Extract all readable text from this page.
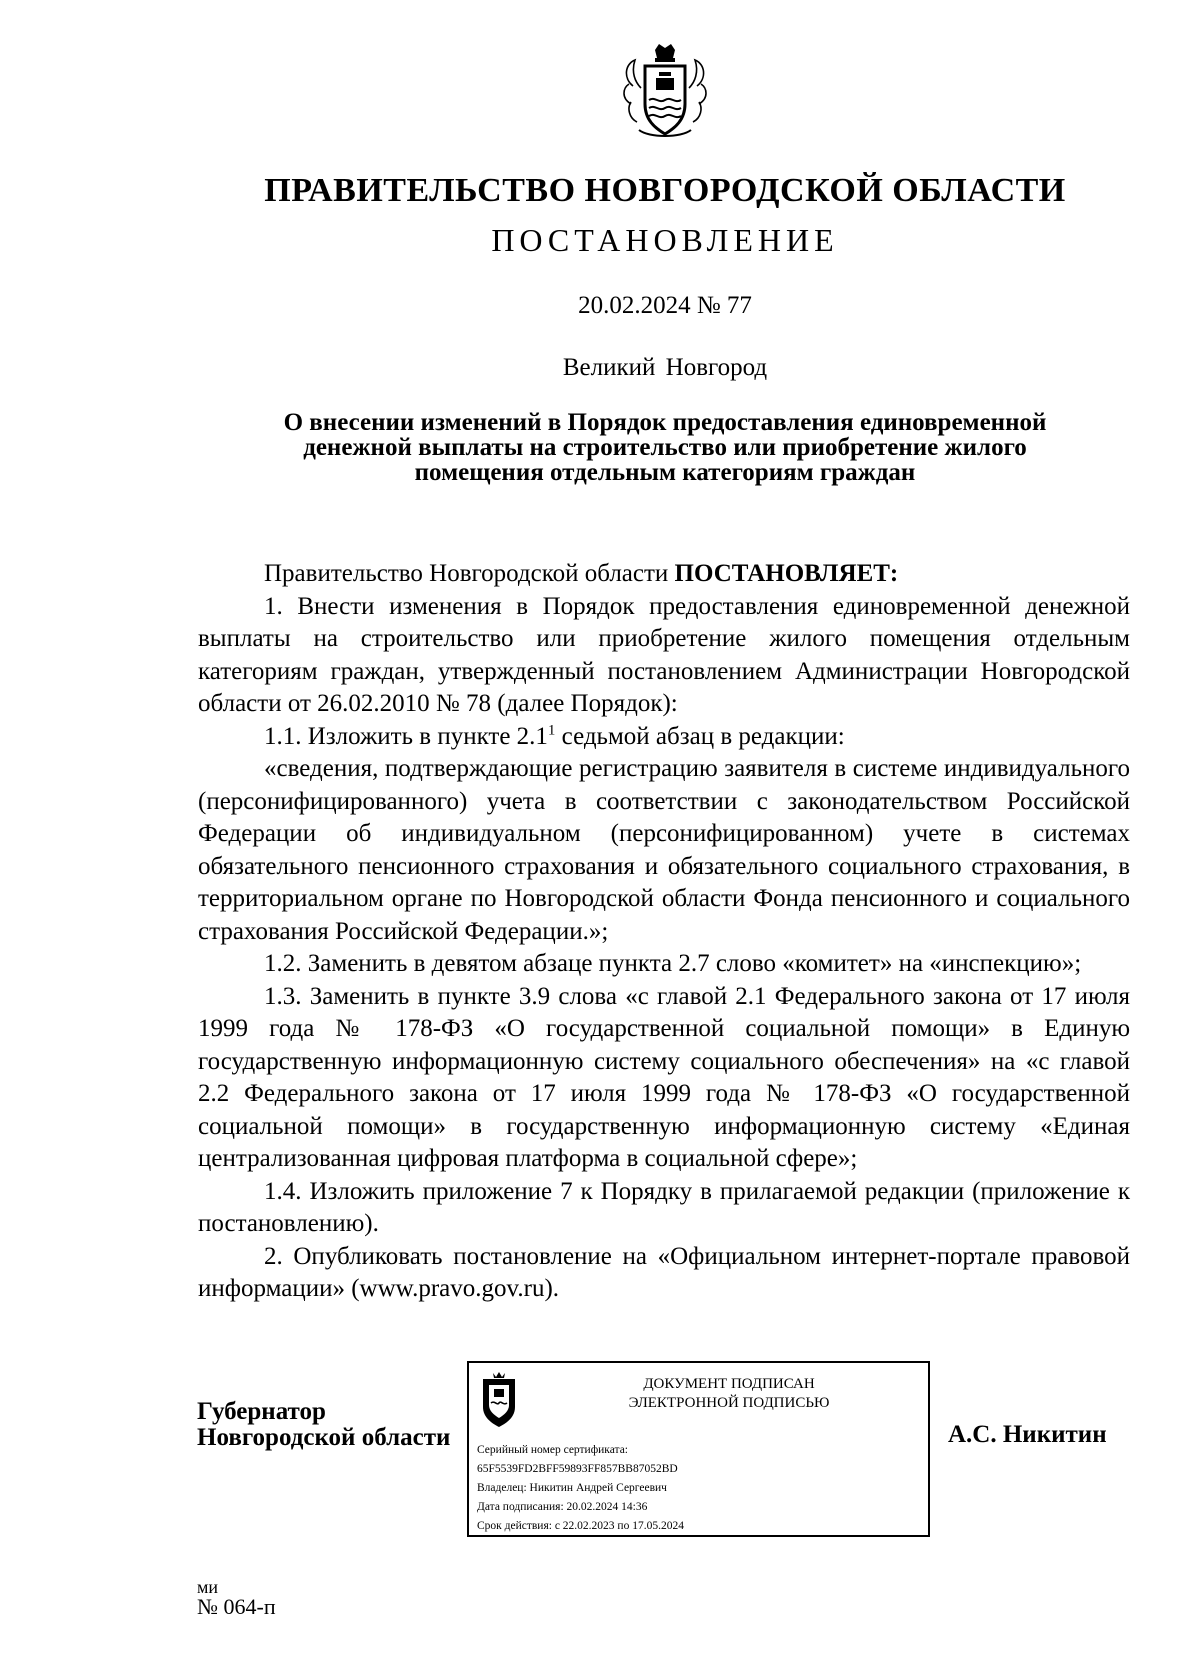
ПРАВИТЕЛЬСТВО НОВГОРОДСКОЙ ОБЛАСТИ
ПОСТАНОВЛЕНИЕ
20.02.2024 № 77
Великий Новгород
О внесении изменений в Порядок предоставления единовременной
денежной выплаты на строительство или приобретение жилого
помещения отдельным категориям граждан

Правительство Новгородской области ПОСТАНОВЛЯЕТ:

1. Внести изменения в Порядок предоставления единовременной денежной выплаты на строительство или приобретение жилого помещения отдельным категориям граждан, утвержденный постановлением Администрации Новгородской области от 26.02.2010 № 78 (далее Порядок):

1.1. Изложить в пункте $2.1^1$ седьмой абзац в редакции:

«сведения, подтверждающие регистрацию заявителя в системе индивидуального (персонифицированного) учета в соответствии с законодательством Российской Федерации об индивидуальном (персонифицированном) учете в системах обязательного пенсионного страхования и обязательного социального страхования, в территориальном органе по Новгородской области Фонда пенсионного и социального страхования Российской Федерации.»;

1.2. Заменить в девятом абзаце пункта 2.7 слово «комитет» на «инспекцию»;

1.3. Заменить в пункте 3.9 слова «с главой 2.1 Федерального закона от 17 июля 1999 года № 178-ФЗ «О государственной социальной помощи» в Единую государственную информационную систему социального обеспечения» на «с главой 2.2 Федерального закона от 17 июля 1999 года № 178-ФЗ «О государственной социальной помощи» в государственную информационную систему «Единая централизованная цифровая платформа в социальной сфере»;

1.4. Изложить приложение 7 к Порядку в прилагаемой редакции (приложение к постановлению).

2. Опубликовать постановление на «Официальном интернет-портале правовой информации» (www.pravo.gov.ru).

Губернатор
Новгородской области
ДОКУМЕНТ ПОДПИСАН
ЭЛЕКТРОННОЙ ПОДПИСЬЮ
Серийный номер сертификата:
65F5539FD2BFF59893FF857BB87052BD
Владелец: Никитин Андрей Сергеевич
Дата подписания: 20.02.2024 14:36
Срок действия: с 22.02.2023 по 17.05.2024
А.С. Никитин
ми
№ 064-п
